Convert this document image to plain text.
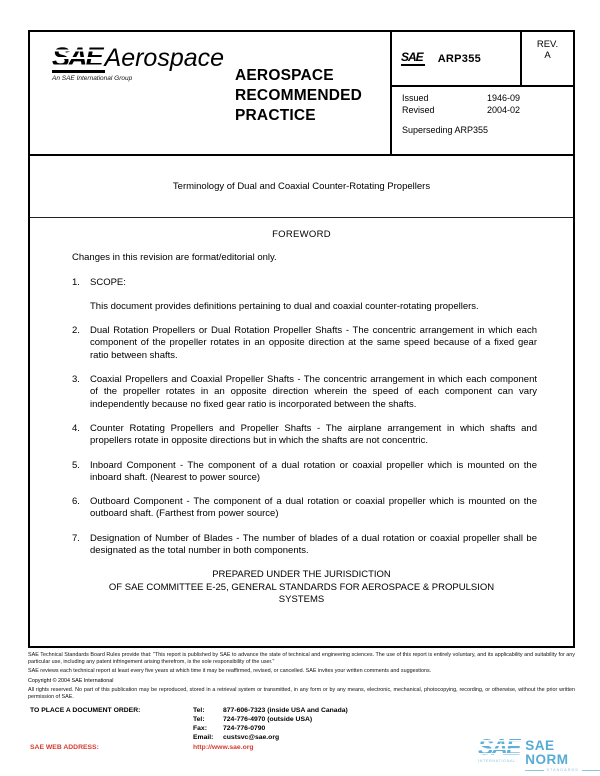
SAE Aerospace
An SAE International Group	AEROSPACE RECOMMENDED PRACTICE
SAE ARP355
REV.
A
Issued	1946-09
Revised	2004-02
Superseding ARP355
Terminology of Dual and Coaxial Counter-Rotating Propellers
FOREWORD

Changes in this revision are format/editorial only.

1.	SCOPE:
This document provides definitions pertaining to dual and coaxial counter-rotating propellers.
2.	Dual Rotation Propellers or Dual Rotation Propeller Shafts - The concentric arrangement in which each component of the propeller rotates in an opposite direction at the same speed because of a fixed gear ratio between shafts.
3.	Coaxial Propellers and Coaxial Propeller Shafts - The concentric arrangement in which each component of the propeller rotates in an opposite direction wherein the speed of each component can vary independently because no fixed gear ratio is incorporated between the shafts.
4.	Counter Rotating Propellers and Propeller Shafts - The airplane arrangement in which shafts and propellers rotate in opposite directions but in which the shafts are not concentric.
5.	Inboard Component - The component of a dual rotation or coaxial propeller which is mounted on the inboard shaft. (Nearest to power source)
6.	Outboard Component - The component of a dual rotation or coaxial propeller which is mounted on the outboard shaft. (Farthest from power source)
7.	Designation of Number of Blades - The number of blades of a dual rotation or coaxial propeller shall be designated as the total number in both components.
PREPARED UNDER THE JURISDICTION
OF SAE COMMITTEE E-25, GENERAL STANDARDS FOR AEROSPACE & PROPULSION
SYSTEMS

SAE Technical Standards Board Rules provide that: "This report is published by SAE to advance the state of technical and engineering sciences. The use of this report is entirely voluntary, and its applicability and suitability for any particular use, including any patent infringement arising therefrom, is the sole responsibility of the user."

SAE reviews each technical report at least every five years at which time it may be reaffirmed, revised, or cancelled. SAE invites your written comments and suggestions.

Copyright © 2004 SAE International

All rights reserved. No part of this publication may be reproduced, stored in a retrieval system or transmitted, in any form or by any means, electronic, mechanical, photocopying, recording, or otherwise, without the prior written permission of SAE.

TO PLACE A DOCUMENT ORDER:	Tel:	877-606-7323 (inside USA and Canada)
Tel:	724-776-4970 (outside USA)
Fax:	724-776-0790
Email:	custsvc@sae.org
SAE WEB ADDRESS:	http://www.sae.org	SAE
INTERNATIONAL
SAE NORM
STANDARDS
